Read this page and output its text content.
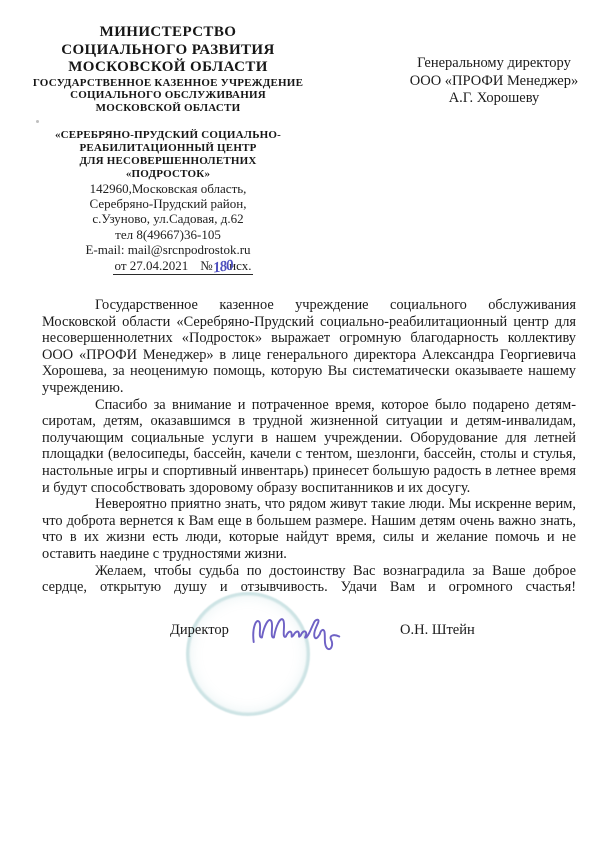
МИНИСТЕРСТВО
СОЦИАЛЬНОГО РАЗВИТИЯ
МОСКОВСКОЙ ОБЛАСТИ
ГОСУДАРСТВЕННОЕ КАЗЕННОЕ УЧРЕЖДЕНИЕ
СОЦИАЛЬНОГО ОБСЛУЖИВАНИЯ
МОСКОВСКОЙ ОБЛАСТИ
«СЕРЕБРЯНО-ПРУДСКИЙ СОЦИАЛЬНО-
РЕАБИЛИТАЦИОННЫЙ ЦЕНТР
ДЛЯ НЕСОВЕРШЕННОЛЕТНИХ
«ПОДРОСТОК»
142960,Московская область,
Серебряно-Прудский район,
с.Узуново, ул.Садовая, д.62
тел 8(49667)36-105
E-mail: mail@srcnpodrostok.ru
от 27.04.2021 №180исх.
Генеральному директору
ООО «ПРОФИ Менеджер»
А.Г. Хорошеву

Государственное казенное учреждение социального обслуживания Московской области «Серебряно-Прудский социально-реабилитационный центр для несовершеннолетних «Подросток» выражает огромную благодарность коллективу ООО «ПРОФИ Менеджер» в лице генерального директора Александра Георгиевича Хорошева, за неоценимую помощь, которую Вы систематически оказываете нашему учреждению.

Спасибо за внимание и потраченное время, которое было подарено детям-сиротам, детям, оказавшимся в трудной жизненной ситуации и детям-инвалидам, получающим социальные услуги в нашем учреждении. Оборудование для летней площадки (велосипеды, бассейн, качели с тентом, шезлонги, бассейн, столы и стулья, настольные игры и спортивный инвентарь) принесет большую радость в летнее время и будут способствовать здоровому образу воспитанников и их досугу.

Невероятно приятно знать, что рядом живут такие люди. Мы искренне верим, что доброта вернется к Вам еще в большем размере. Нашим детям очень важно знать, что в их жизни есть люди, которые найдут время, силы и желание помочь и не оставить наедине с трудностями жизни.

Желаем, чтобы судьба по достоинству Вас вознаградила за Ваше доброе сердце, открытую душу и отзывчивость. Удачи Вам и огромного счастья!

Директор	О.Н. Штейн
